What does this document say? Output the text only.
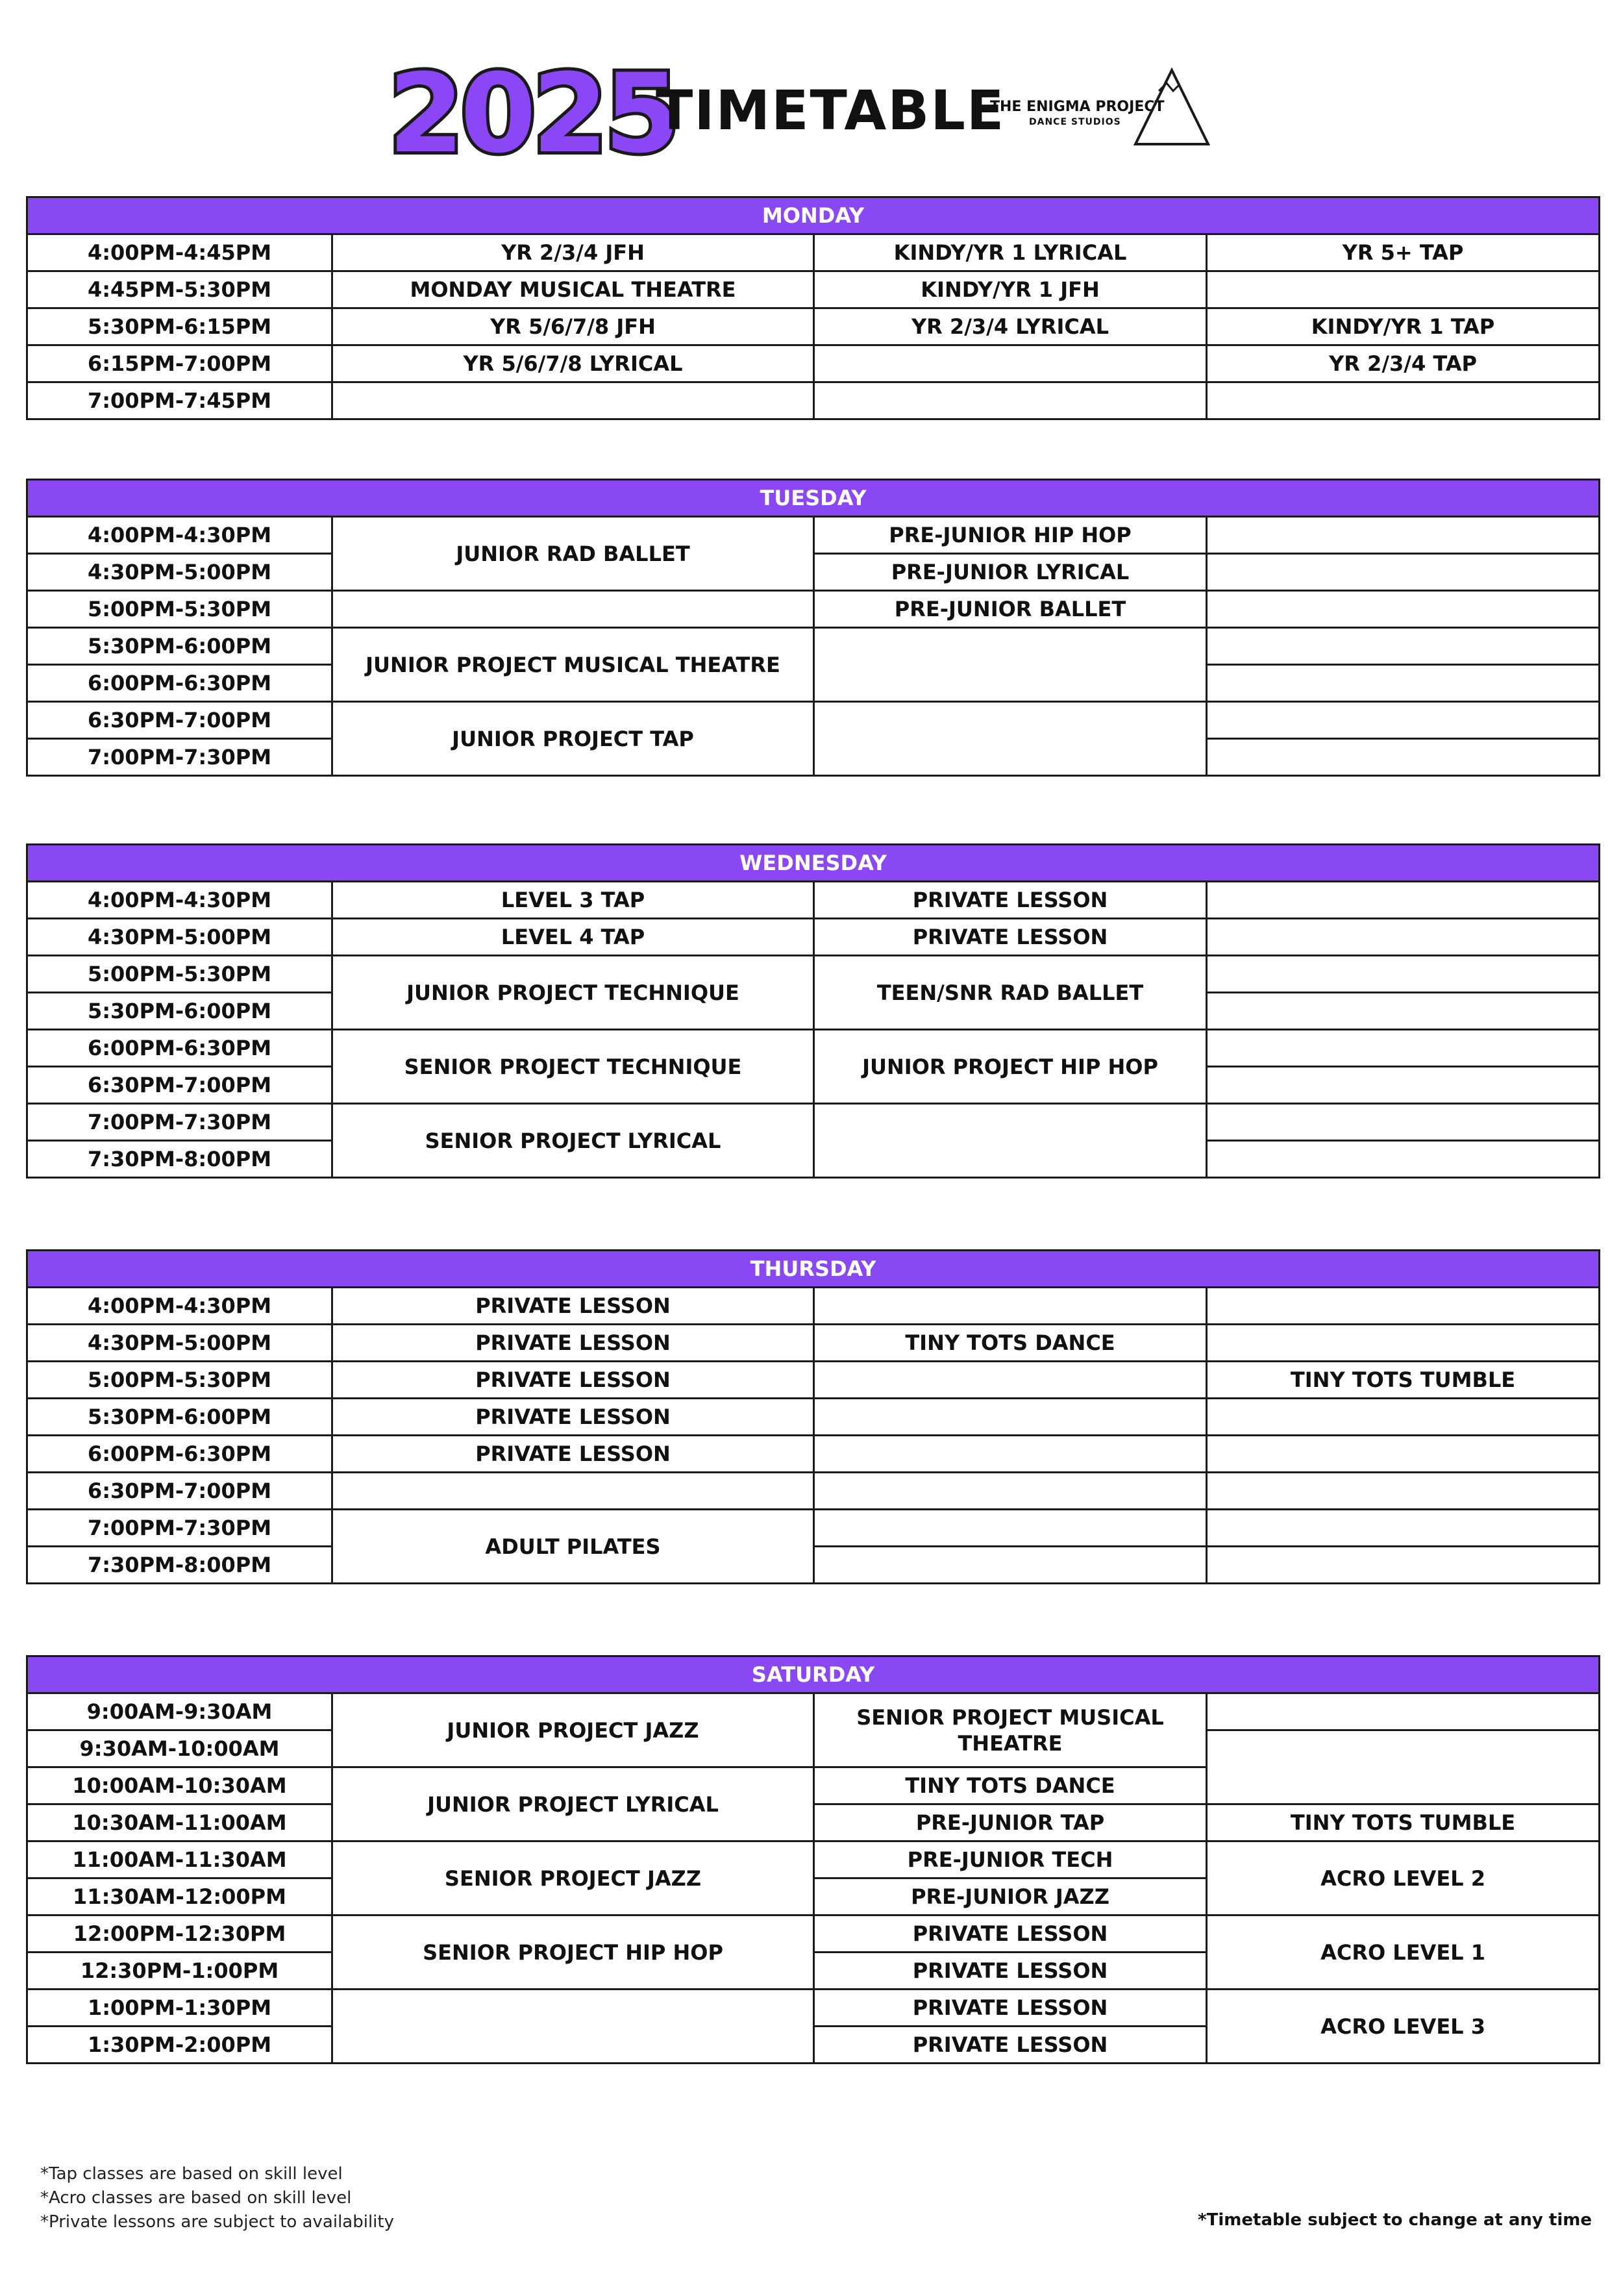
2025
TIMETABLE
THE ENIGMA PROJECT
DANCE STUDIOS
MONDAY			
4:00PM-4:45PM	YR 2/3/4 JFH	KINDY/YR 1 LYRICAL	YR 5+ TAP
4:45PM-5:30PM	MONDAY MUSICAL THEATRE	KINDY/YR 1 JFH	
5:30PM-6:15PM	YR 5/6/7/8 JFH	YR 2/3/4 LYRICAL	KINDY/YR 1 TAP
6:15PM-7:00PM	YR 5/6/7/8 LYRICAL		YR 2/3/4 TAP
7:00PM-7:45PM			
TUESDAY			
4:00PM-4:30PM	JUNIOR RAD BALLET	PRE-JUNIOR HIP HOP	
4:30PM-5:00PM		PRE-JUNIOR LYRICAL	
5:00PM-5:30PM		PRE-JUNIOR BALLET	
5:30PM-6:00PM	JUNIOR PROJECT MUSICAL THEATRE		
6:00PM-6:30PM			
6:30PM-7:00PM	JUNIOR PROJECT TAP		
7:00PM-7:30PM			
WEDNESDAY			
4:00PM-4:30PM	LEVEL 3 TAP	PRIVATE LESSON	
4:30PM-5:00PM	LEVEL 4 TAP	PRIVATE LESSON	
5:00PM-5:30PM	JUNIOR PROJECT TECHNIQUE	TEEN/SNR RAD BALLET	
5:30PM-6:00PM			
6:00PM-6:30PM	SENIOR PROJECT TECHNIQUE	JUNIOR PROJECT HIP HOP	
6:30PM-7:00PM			
7:00PM-7:30PM	SENIOR PROJECT LYRICAL		
7:30PM-8:00PM			
THURSDAY			
4:00PM-4:30PM	PRIVATE LESSON		
4:30PM-5:00PM	PRIVATE LESSON	TINY TOTS DANCE	
5:00PM-5:30PM	PRIVATE LESSON		TINY TOTS TUMBLE
5:30PM-6:00PM	PRIVATE LESSON		
6:00PM-6:30PM	PRIVATE LESSON		
6:30PM-7:00PM			
7:00PM-7:30PM	ADULT PILATES		
7:30PM-8:00PM			
SATURDAY			
9:00AM-9:30AM	JUNIOR PROJECT JAZZ	SENIOR PROJECT MUSICAL THEATRE	
9:30AM-10:00AM			
10:00AM-10:30AM	JUNIOR PROJECT LYRICAL	TINY TOTS DANCE	
10:30AM-11:00AM		PRE-JUNIOR TAP	TINY TOTS TUMBLE
11:00AM-11:30AM	SENIOR PROJECT JAZZ	PRE-JUNIOR TECH	ACRO LEVEL 2
11:30AM-12:00PM		PRE-JUNIOR JAZZ	
12:00PM-12:30PM	SENIOR PROJECT HIP HOP	PRIVATE LESSON	ACRO LEVEL 1
12:30PM-1:00PM		PRIVATE LESSON	
1:00PM-1:30PM		PRIVATE LESSON	ACRO LEVEL 3
1:30PM-2:00PM		PRIVATE LESSON	
*Tap classes are based on skill level
*Acro classes are based on skill level
*Private lessons are subject to availability	*Timetable subject to change at any time
